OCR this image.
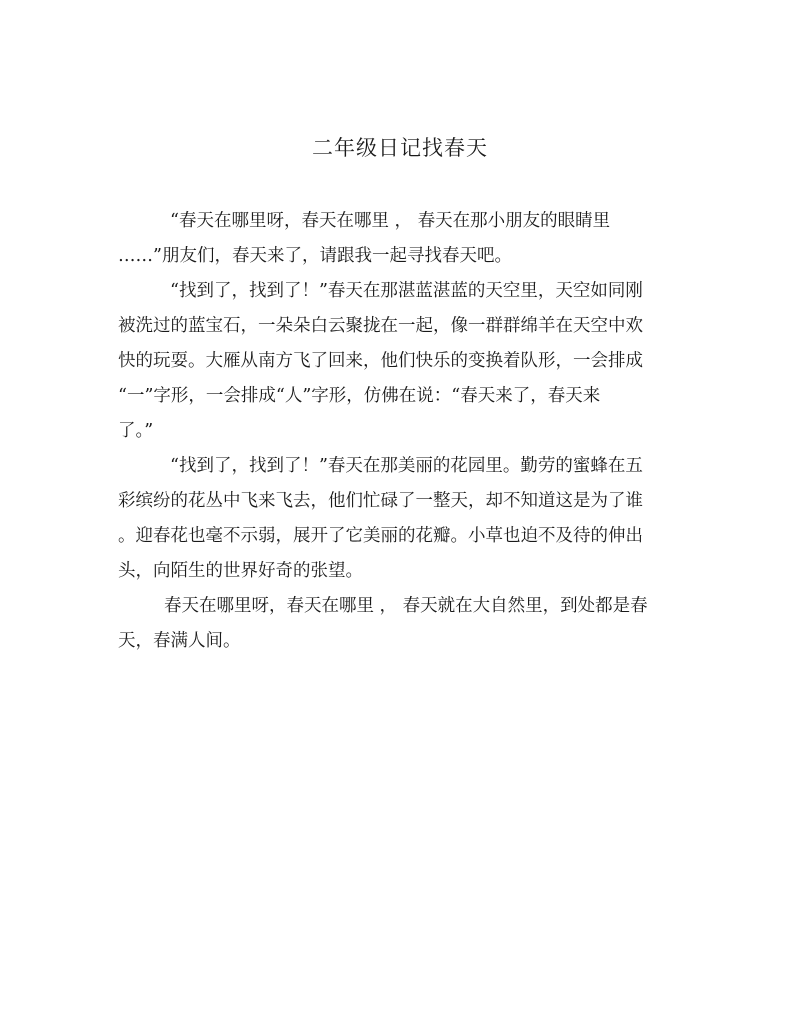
二年级日记找春天

“春天在哪里呀，春天在哪里 ， 春天在那小朋友的眼睛里
……”朋友们，春天来了，请跟我一起寻找春天吧。

“找到了，找到了！”春天在那湛蓝湛蓝的天空里，天空如同刚
被洗过的蓝宝石，一朵朵白云聚拢在一起，像一群群绵羊在天空中欢
快的玩耍。大雁从南方飞了回来，他们快乐的变换着队形，一会排成
“一”字形，一会排成“人”字形，仿佛在说：“春天来了，春天来
了。”

“找到了，找到了！”春天在那美丽的花园里。勤劳的蜜蜂在五
彩缤纷的花丛中飞来飞去，他们忙碌了一整天，却不知道这是为了谁
。迎春花也毫不示弱，展开了它美丽的花瓣。小草也迫不及待的伸出
头，向陌生的世界好奇的张望。

春天在哪里呀，春天在哪里 ， 春天就在大自然里，到处都是春
天，春满人间。
